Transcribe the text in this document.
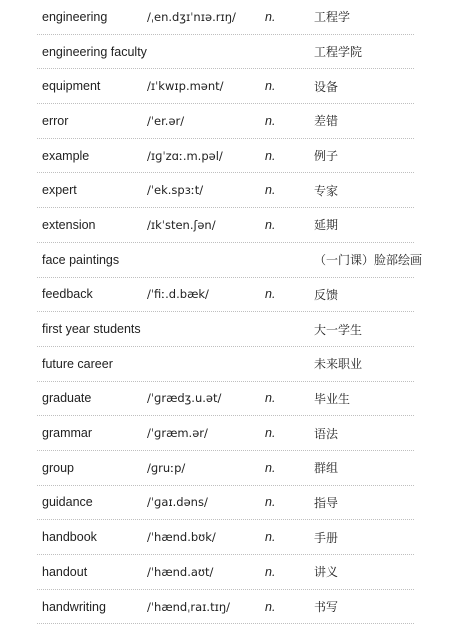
engineering	/ˌen.dʒɪˈnɪə.rɪŋ/ n.	工程学
engineering faculty	工程学院
equipment	/ɪˈkwɪp.mənt/	n.	设备
error	/ˈer.ər/	n.	差错
example	/ɪɡˈzɑː.m.pəl/	n.	例子
expert	/ˈek.spɜːt/	n.	专家
extension	/ɪkˈsten.ʃən/	n.	延期
face paintings	（一门课）脸部绘画
feedback	/ˈfiː.d.bæk/	n.	反馈
first year students	大一学生
future career	未来职业
graduate	/ˈɡrædʒ.u.ət/	n.	毕业生
grammar	/ˈɡræm.ər/	n.	语法
group	/ɡruːp/	n.	群组
guidance	/ˈɡaɪ.dəns/	n.	指导
handbook	/ˈhænd.bʊk/	n.	手册
handout	/ˈhænd.aʊt/	n.	讲义
handwriting	/ˈhændˌraɪ.tɪŋ/	n.	书写
